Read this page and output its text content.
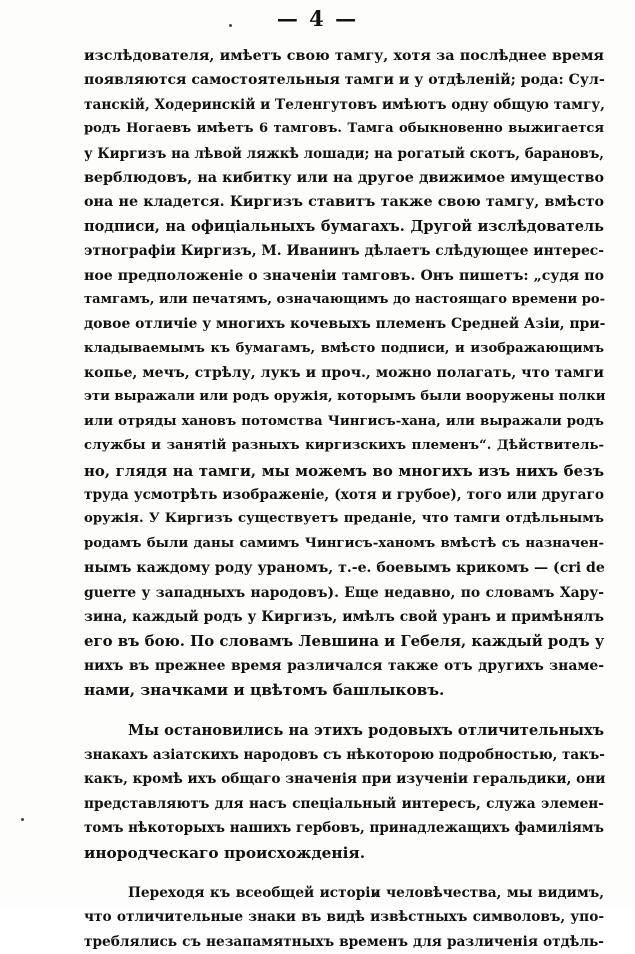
— 4 —
изслѣдователя, имѣетъ свою тамгу, хотя за послѣднее время
появляются самостоятельныя тамги и у отдѣленій; рода: Сул-
танскій, Ходеринскій и Теленгутовъ имѣютъ одну общую тамгу,
родъ Ногаевъ имѣетъ 6 тамговъ. Тамга обыкновенно выжигается
у Киргизъ на лѣвой ляжкѣ лошади; на рогатый скотъ, барановъ,
верблюдовъ, на кибитку или на другое движимое имущество
она не кладется. Киргизъ ставитъ также свою тамгу, вмѣсто
подписи, на офиціальныхъ бумагахъ. Другой изслѣдователь
этнографіи Киргизъ, М. Иванинъ дѣлаетъ слѣдующее интерес-
ное предположеніе о значеніи тамговъ. Онъ пишетъ: „судя по
тамгамъ, или печатямъ, означающимъ до настоящаго времени ро-
довое отличіе у многихъ кочевыхъ племенъ Средней Азіи, при-
кладываемымъ къ бумагамъ, вмѣсто подписи, и изображающимъ
копье, мечъ, стрѣлу, лукъ и проч., можно полагать, что тамги
эти выражали или родъ оружія, которымъ были вооружены полки
или отряды хановъ потомства Чингисъ-хана, или выражали родъ
службы и занятій разныхъ киргизскихъ племенъ“. Дѣйствитель-
но, глядя на тамги, мы можемъ во многихъ изъ нихъ безъ
труда усмотрѣть изображеніе, (хотя и грубое), того или другаго
оружія. У Киргизъ существуетъ преданіе, что тамги отдѣльнымъ
родамъ были даны самимъ Чингисъ-ханомъ вмѣстѣ съ назначен-
нымъ каждому роду ураномъ, т.-е. боевымъ крикомъ — (cri de
guerre у западныхъ народовъ). Еще недавно, по словамъ Хару-
зина, каждый родъ у Киргизъ, имѣлъ свой уранъ и примѣнялъ
его въ бою. По словамъ Левшина и Гебеля, каждый родъ у
нихъ въ прежнее время различался также отъ другихъ знаме-
нами, значками и цвѣтомъ башлыковъ.
Мы остановились на этихъ родовыхъ отличительныхъ
знакахъ азіатскихъ народовъ съ нѣкоторою подробностью, такъ-
какъ, кромѣ ихъ общаго значенія при изученіи геральдики, они
представляютъ для насъ спеціальный интересъ, служа элемен-
томъ нѣкоторыхъ нашихъ гербовъ, принадлежащихъ фамиліямъ
инородческаго происхожденія.
Переходя къ всеобщей исторіи человѣчества, мы видимъ,
что отличительные знаки въ видѣ извѣстныхъ символовъ, упо-
треблялись съ незапамятныхъ временъ для различенія отдѣль-
